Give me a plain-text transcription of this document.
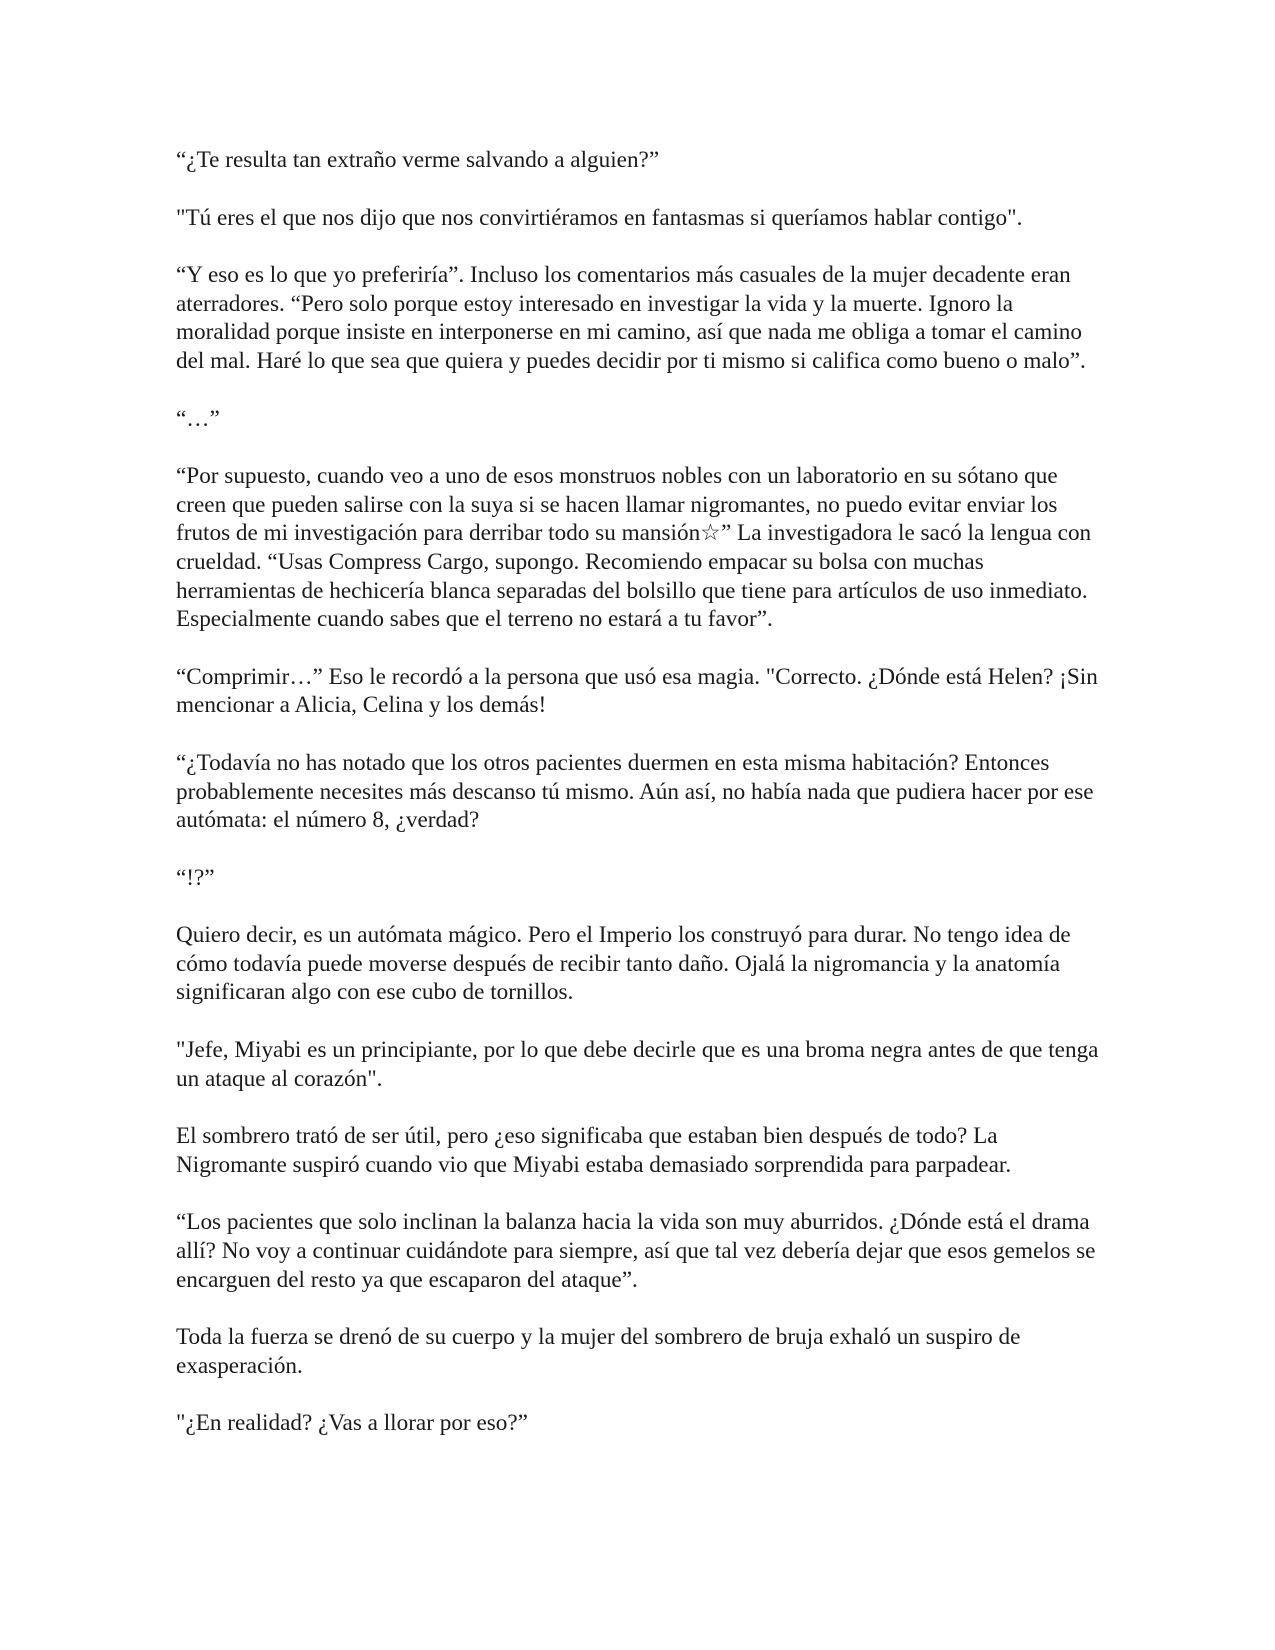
“¿Te resulta tan extraño verme salvando a alguien?”

"Tú eres el que nos dijo que nos convirtiéramos en fantasmas si queríamos hablar contigo".

“Y eso es lo que yo preferiría”. Incluso los comentarios más casuales de la mujer decadente eran aterradores. “Pero solo porque estoy interesado en investigar la vida y la muerte. Ignoro la moralidad porque insiste en interponerse en mi camino, así que nada me obliga a tomar el camino del mal. Haré lo que sea que quiera y puedes decidir por ti mismo si califica como bueno o malo”.

“…”

“Por supuesto, cuando veo a uno de esos monstruos nobles con un laboratorio en su sótano que creen que pueden salirse con la suya si se hacen llamar nigromantes, no puedo evitar enviar los frutos de mi investigación para derribar todo su mansión☆” La investigadora le sacó la lengua con crueldad. “Usas Compress Cargo, supongo. Recomiendo empacar su bolsa con muchas herramientas de hechicería blanca separadas del bolsillo que tiene para artículos de uso inmediato. Especialmente cuando sabes que el terreno no estará a tu favor”.

“Comprimir…” Eso le recordó a la persona que usó esa magia. "Correcto. ¿Dónde está Helen? ¡Sin mencionar a Alicia, Celina y los demás!

“¿Todavía no has notado que los otros pacientes duermen en esta misma habitación? Entonces probablemente necesites más descanso tú mismo. Aún así, no había nada que pudiera hacer por ese autómata: el número 8, ¿verdad?

“!?”

Quiero decir, es un autómata mágico. Pero el Imperio los construyó para durar. No tengo idea de cómo todavía puede moverse después de recibir tanto daño. Ojalá la nigromancia y la anatomía significaran algo con ese cubo de tornillos.

"Jefe, Miyabi es un principiante, por lo que debe decirle que es una broma negra antes de que tenga un ataque al corazón".

El sombrero trató de ser útil, pero ¿eso significaba que estaban bien después de todo? La Nigromante suspiró cuando vio que Miyabi estaba demasiado sorprendida para parpadear.

“Los pacientes que solo inclinan la balanza hacia la vida son muy aburridos. ¿Dónde está el drama allí? No voy a continuar cuidándote para siempre, así que tal vez debería dejar que esos gemelos se encarguen del resto ya que escaparon del ataque”.

Toda la fuerza se drenó de su cuerpo y la mujer del sombrero de bruja exhaló un suspiro de exasperación.

"¿En realidad? ¿Vas a llorar por eso?”
